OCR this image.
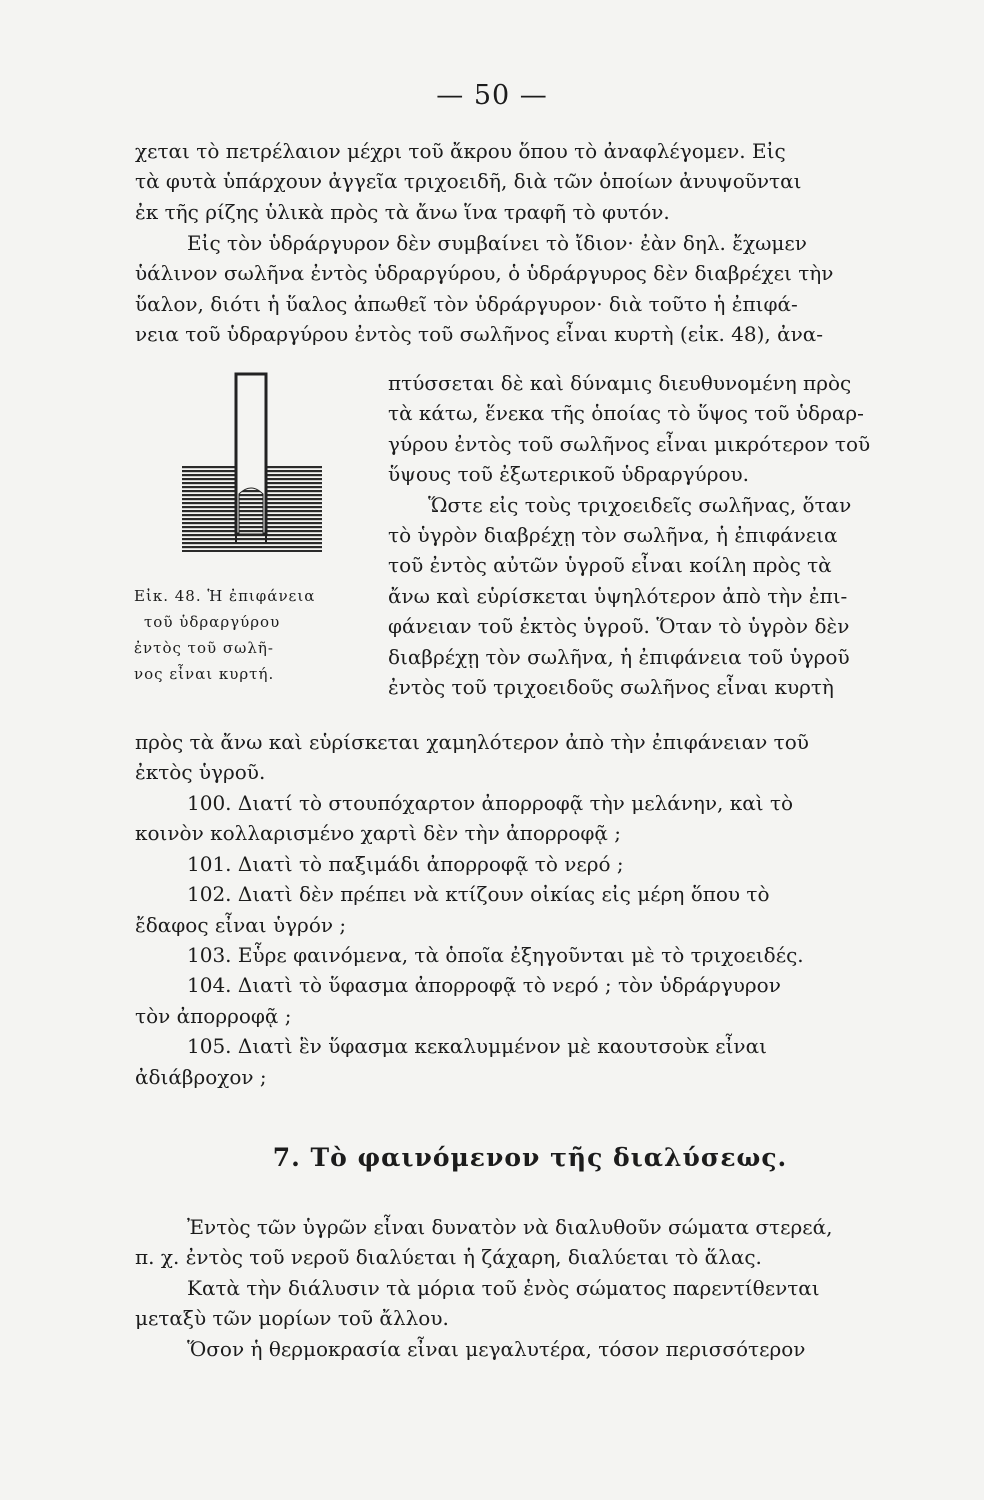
— 50 —
χεται τὸ πετρέλαιον μέχρι τοῦ ἄκρου ὅπου τὸ ἀναφλέγομεν. Εἰς
τὰ φυτὰ ὑπάρχουν ἀγγεῖα τριχοειδῆ, διὰ τῶν ὁποίων ἀνυψοῦνται
ἐκ τῆς ρίζης ὑλικὰ πρὸς τὰ ἄνω ἵνα τραφῆ τὸ φυτόν.
Εἰς τὸν ὑδράργυρον δὲν συμβαίνει τὸ ἴδιον· ἐὰν δηλ. ἔχωμεν
ὑάλινον σωλῆνα ἐντὸς ὑδραργύρου, ὁ ὑδράργυρος δὲν διαβρέχει τὴν
ὕαλον, διότι ἡ ὕαλος ἀπωθεῖ τὸν ὑδράργυρον· διὰ τοῦτο ἡ ἐπιφά-
νεια τοῦ ὑδραργύρου ἐντὸς τοῦ σωλῆνος εἶναι κυρτὴ (εἰκ. 48), ἀνα-
πτύσσεται δὲ καὶ δύναμις διευθυνομένη πρὸς
τὰ κάτω, ἕνεκα τῆς ὁποίας τὸ ὕψος τοῦ ὑδραρ-
γύρου ἐντὸς τοῦ σωλῆνος εἶναι μικρότερον τοῦ
ὕψους τοῦ ἐξωτερικοῦ ὑδραργύρου.
Ὥστε εἰς τοὺς τριχοειδεῖς σωλῆνας, ὅταν
τὸ ὑγρὸν διαβρέχῃ τὸν σωλῆνα, ἡ ἐπιφάνεια
τοῦ ἐντὸς αὐτῶν ὑγροῦ εἶναι κοίλη πρὸς τὰ
ἄνω καὶ εὑρίσκεται ὑψηλότερον ἀπὸ τὴν ἐπι-
φάνειαν τοῦ ἐκτὸς ὑγροῦ. Ὅταν τὸ ὑγρὸν δὲν
διαβρέχῃ τὸν σωλῆνα, ἡ ἐπιφάνεια τοῦ ὑγροῦ
ἐντὸς τοῦ τριχοειδοῦς σωλῆνος εἶναι κυρτὴ
Εἰκ. 48. Ἡ ἐπιφάνεια
τοῦ ὑδραργύρου
ἐντὸς τοῦ σωλῆ-
νος εἶναι κυρτή.
πρὸς τὰ ἄνω καὶ εὑρίσκεται χαμηλότερον ἀπὸ τὴν ἐπιφάνειαν τοῦ
ἐκτὸς ὑγροῦ.
100. Διατί τὸ στουπόχαρτον ἀπορροφᾷ τὴν μελάνην, καὶ τὸ
κοινὸν κολλαρισμένο χαρτὶ δὲν τὴν ἀπορροφᾷ ;
101. Διατὶ τὸ παξιμάδι ἀπορροφᾷ τὸ νερό ;
102. Διατὶ δὲν πρέπει νὰ κτίζουν οἰκίας εἰς μέρη ὅπου τὸ
ἔδαφος εἶναι ὑγρόν ;
103. Εὗρε φαινόμενα, τὰ ὁποῖα ἐξηγοῦνται μὲ τὸ τριχοειδές.
104. Διατὶ τὸ ὕφασμα ἀπορροφᾷ τὸ νερό ; τὸν ὑδράργυρον
τὸν ἀπορροφᾷ ;
105. Διατὶ ἓν ὕφασμα κεκαλυμμένον μὲ καουτσοὺκ εἶναι
ἀδιάβροχον ;
7. Τὸ φαινόμενον τῆς διαλύσεως.
Ἐντὸς τῶν ὑγρῶν εἶναι δυνατὸν νὰ διαλυθοῦν σώματα στερεά,
π. χ. ἐντὸς τοῦ νεροῦ διαλύεται ἡ ζάχαρη, διαλύεται τὸ ἅλας.
Κατὰ τὴν διάλυσιν τὰ μόρια τοῦ ἑνὸς σώματος παρεντίθενται
μεταξὺ τῶν μορίων τοῦ ἄλλου.
Ὅσον ἡ θερμοκρασία εἶναι μεγαλυτέρα, τόσον περισσότερον
